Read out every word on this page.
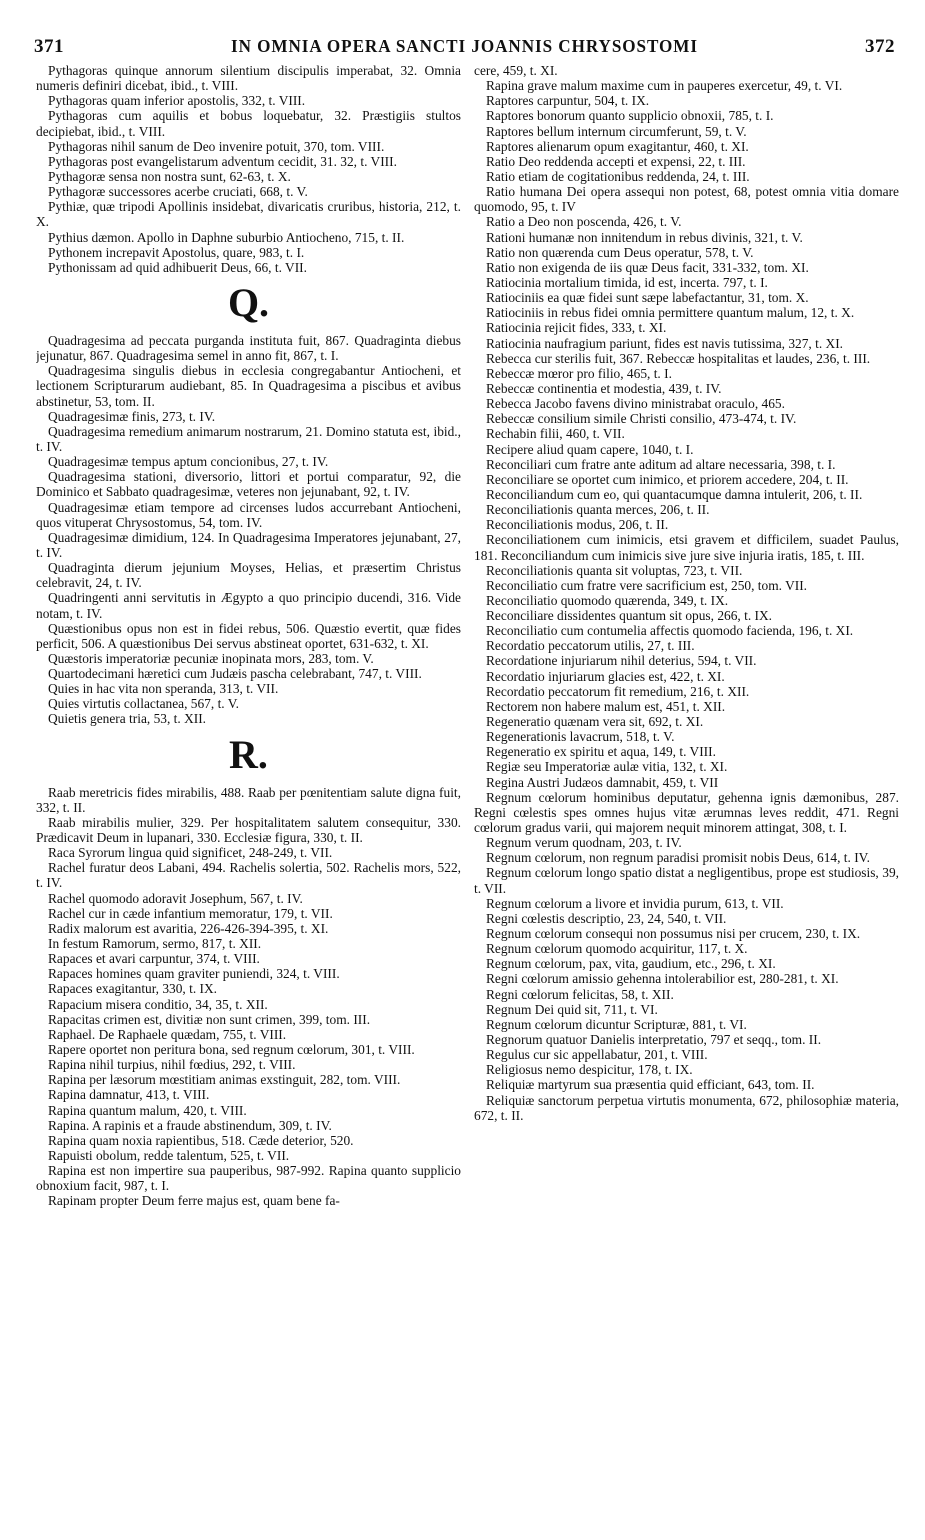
371	IN OMNIA OPERA SANCTI JOANNIS CHRYSOSTOMI	372

Pythagoras quinque annorum silentium discipulis imperabat, 32. Omnia numeris definiri dicebat, ibid., t. VIII.

Pythagoras quam inferior apostolis, 332, t. VIII.

Pythagoras cum aquilis et bobus loquebatur, 32. Præstigiis stultos decipiebat, ibid., t. VIII.

Pythagoras nihil sanum de Deo invenire potuit, 370, tom. VIII.

Pythagoras post evangelistarum adventum cecidit, 31. 32, t. VIII.

Pythagoræ sensa non nostra sunt, 62-63, t. X.

Pythagoræ successores acerbe cruciati, 668, t. V.

Pythiæ, quæ tripodi Apollinis insidebat, divaricatis cruribus, historia, 212, t. X.

Pythius dæmon. Apollo in Daphne suburbio Antiocheno, 715, t. II.

Pythonem increpavit Apostolus, quare, 983, t. I.

Pythonissam ad quid adhibuerit Deus, 66, t. VII.

Q.

Quadragesima ad peccata purganda instituta fuit, 867. Quadraginta diebus jejunatur, 867. Quadragesima semel in anno fit, 867, t. I.

Quadragesima singulis diebus in ecclesia congregabantur Antiocheni, et lectionem Scripturarum audiebant, 85. In Quadragesima a piscibus et avibus abstinetur, 53, tom. II.

Quadragesimæ finis, 273, t. IV.

Quadragesima remedium animarum nostrarum, 21. Domino statuta est, ibid., t. IV.

Quadragesimæ tempus aptum concionibus, 27, t. IV.

Quadragesima stationi, diversorio, littori et portui comparatur, 92, die Dominico et Sabbato quadragesimæ, veteres non jejunabant, 92, t. IV.

Quadragesimæ etiam tempore ad circenses ludos accurrebant Antiocheni, quos vituperat Chrysostomus, 54, tom. IV.

Quadragesimæ dimidium, 124. In Quadragesima Imperatores jejunabant, 27, t. IV.

Quadraginta dierum jejunium Moyses, Helias, et præsertim Christus celebravit, 24, t. IV.

Quadringenti anni servitutis in Ægypto a quo principio ducendi, 316. Vide notam, t. IV.

Quæstionibus opus non est in fidei rebus, 506. Quæstio evertit, quæ fides perficit, 506. A quæstionibus Dei servus abstineat oportet, 631-632, t. XI.

Quæstoris imperatoriæ pecuniæ inopinata mors, 283, tom. V.

Quartodecimani hæretici cum Judæis pascha celebrabant, 747, t. VIII.

Quies in hac vita non speranda, 313, t. VII.

Quies virtutis collactanea, 567, t. V.

Quietis genera tria, 53, t. XII.

R.

Raab meretricis fides mirabilis, 488. Raab per pœnitentiam salute digna fuit, 332, t. II.

Raab mirabilis mulier, 329. Per hospitalitatem salutem consequitur, 330. Prædicavit Deum in lupanari, 330. Ecclesiæ figura, 330, t. II.

Raca Syrorum lingua quid significet, 248-249, t. VII.

Rachel furatur deos Labani, 494. Rachelis solertia, 502. Rachelis mors, 522, t. IV.

Rachel quomodo adoravit Josephum, 567, t. IV.

Rachel cur in cæde infantium memoratur, 179, t. VII.

Radix malorum est avaritia, 226-426-394-395, t. XI.

In festum Ramorum, sermo, 817, t. XII.

Rapaces et avari carpuntur, 374, t. VIII.

Rapaces homines quam graviter puniendi, 324, t. VIII.

Rapaces exagitantur, 330, t. IX.

Rapacium misera conditio, 34, 35, t. XII.

Rapacitas crimen est, divitiæ non sunt crimen, 399, tom. III.

Raphael. De Raphaele quædam, 755, t. VIII.

Rapere oportet non peritura bona, sed regnum cœlorum, 301, t. VIII.

Rapina nihil turpius, nihil fœdius, 292, t. VIII.

Rapina per læsorum mœstitiam animas exstinguit, 282, tom. VIII.

Rapina damnatur, 413, t. VIII.

Rapina quantum malum, 420, t. VIII.

Rapina. A rapinis et a fraude abstinendum, 309, t. IV.

Rapina quam noxia rapientibus, 518. Cæde deterior, 520.

Rapuisti obolum, redde talentum, 525, t. VII.

Rapina est non impertire sua pauperibus, 987-992. Rapina quanto supplicio obnoxium facit, 987, t. I.

Rapinam propter Deum ferre majus est, quam bene fa-

cere, 459, t. XI.

Rapina grave malum maxime cum in pauperes exercetur, 49, t. VI.

Raptores carpuntur, 504, t. IX.

Raptores bonorum quanto supplicio obnoxii, 785, t. I.

Raptores bellum internum circumferunt, 59, t. V.

Raptores alienarum opum exagitantur, 460, t. XI.

Ratio Deo reddenda accepti et expensi, 22, t. III.

Ratio etiam de cogitationibus reddenda, 24, t. III.

Ratio humana Dei opera assequi non potest, 68, potest omnia vitia domare quomodo, 95, t. IV

Ratio a Deo non poscenda, 426, t. V.

Rationi humanæ non innitendum in rebus divinis, 321, t. V.

Ratio non quærenda cum Deus operatur, 578, t. V.

Ratio non exigenda de iis quæ Deus facit, 331-332, tom. XI.

Ratiocinia mortalium timida, id est, incerta. 797, t. I.

Ratiociniis ea quæ fidei sunt sæpe labefactantur, 31, tom. X.

Ratiociniis in rebus fidei omnia permittere quantum malum, 12, t. X.

Ratiocinia rejicit fides, 333, t. XI.

Ratiocinia naufragium pariunt, fides est navis tutissima, 327, t. XI.

Rebecca cur sterilis fuit, 367. Rebeccæ hospitalitas et laudes, 236, t. III.

Rebeccæ mœror pro filio, 465, t. I.

Rebeccæ continentia et modestia, 439, t. IV.

Rebecca Jacobo favens divino ministrabat oraculo, 465.

Rebeccæ consilium simile Christi consilio, 473-474, t. IV.

Rechabin filii, 460, t. VII.

Recipere aliud quam capere, 1040, t. I.

Reconciliari cum fratre ante aditum ad altare necessaria, 398, t. I.

Reconciliare se oportet cum inimico, et priorem accedere, 204, t. II.

Reconciliandum cum eo, qui quantacumque damna intulerit, 206, t. II.

Reconciliationis quanta merces, 206, t. II.

Reconciliationis modus, 206, t. II.

Reconciliationem cum inimicis, etsi gravem et difficilem, suadet Paulus, 181. Reconciliandum cum inimicis sive jure sive injuria iratis, 185, t. III.

Reconciliationis quanta sit voluptas, 723, t. VII.

Reconciliatio cum fratre vere sacrificium est, 250, tom. VII.

Reconciliatio quomodo quærenda, 349, t. IX.

Reconciliare dissidentes quantum sit opus, 266, t. IX.

Reconciliatio cum contumelia affectis quomodo facienda, 196, t. XI.

Recordatio peccatorum utilis, 27, t. III.

Recordatione injuriarum nihil deterius, 594, t. VII.

Recordatio injuriarum glacies est, 422, t. XI.

Recordatio peccatorum fit remedium, 216, t. XII.

Rectorem non habere malum est, 451, t. XII.

Regeneratio quænam vera sit, 692, t. XI.

Regenerationis lavacrum, 518, t. V.

Regeneratio ex spiritu et aqua, 149, t. VIII.

Regiæ seu Imperatoriæ aulæ vitia, 132, t. XI.

Regina Austri Judæos damnabit, 459, t. VII

Regnum cœlorum hominibus deputatur, gehenna ignis dæmonibus, 287. Regni cœlestis spes omnes hujus vitæ ærumnas leves reddit, 471. Regni cœlorum gradus varii, qui majorem nequit minorem attingat, 308, t. I.

Regnum verum quodnam, 203, t. IV.

Regnum cœlorum, non regnum paradisi promisit nobis Deus, 614, t. IV.

Regnum cœlorum longo spatio distat a negligentibus, prope est studiosis, 39, t. VII.

Regnum cœlorum a livore et invidia purum, 613, t. VII.

Regni cœlestis descriptio, 23, 24, 540, t. VII.

Regnum cœlorum consequi non possumus nisi per crucem, 230, t. IX.

Regnum cœlorum quomodo acquiritur, 117, t. X.

Regnum cœlorum, pax, vita, gaudium, etc., 296, t. XI.

Regni cœlorum amissio gehenna intolerabilior est, 280-281, t. XI.

Regni cœlorum felicitas, 58, t. XII.

Regnum Dei quid sit, 711, t. VI.

Regnum cœlorum dicuntur Scripturæ, 881, t. VI.

Regnorum quatuor Danielis interpretatio, 797 et seqq., tom. II.

Regulus cur sic appellabatur, 201, t. VIII.

Religiosus nemo despicitur, 178, t. IX.

Reliquiæ martyrum sua præsentia quid efficiant, 643, tom. II.

Reliquiæ sanctorum perpetua virtutis monumenta, 672, philosophiæ materia, 672, t. II.
